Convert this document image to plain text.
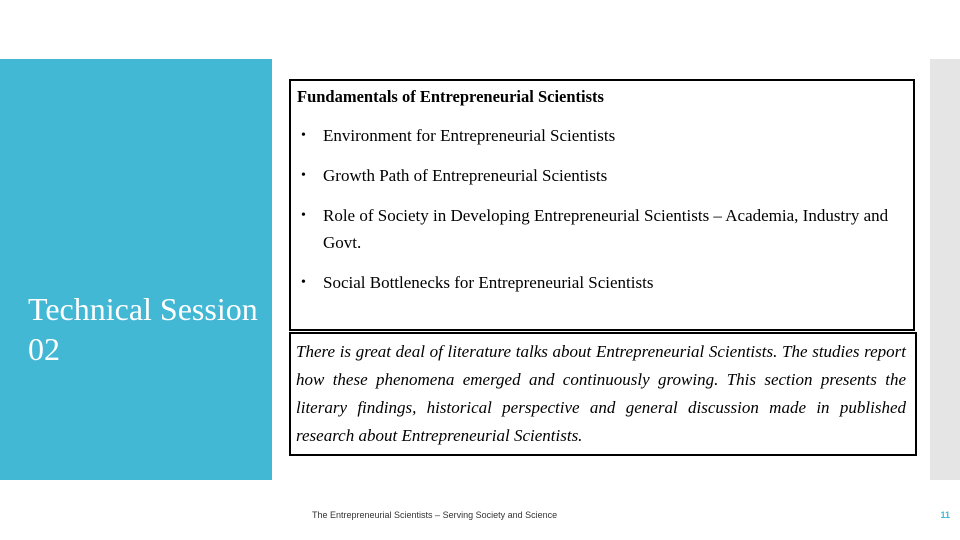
Technical Session 02
Fundamentals of Entrepreneurial Scientists
•	Environment for Entrepreneurial Scientists
•	Growth Path of Entrepreneurial Scientists
•	Role of Society in Developing Entrepreneurial Scientists – Academia, Industry and Govt.
•	Social Bottlenecks for Entrepreneurial Scientists

There is great deal of literature talks about Entrepreneurial Scientists. The studies report how these phenomena emerged and continuously growing. This section presents the literary findings, historical perspective and general discussion made in published research about Entrepreneurial Scientists.

The Entrepreneurial Scientists – Serving Society and Science	11
